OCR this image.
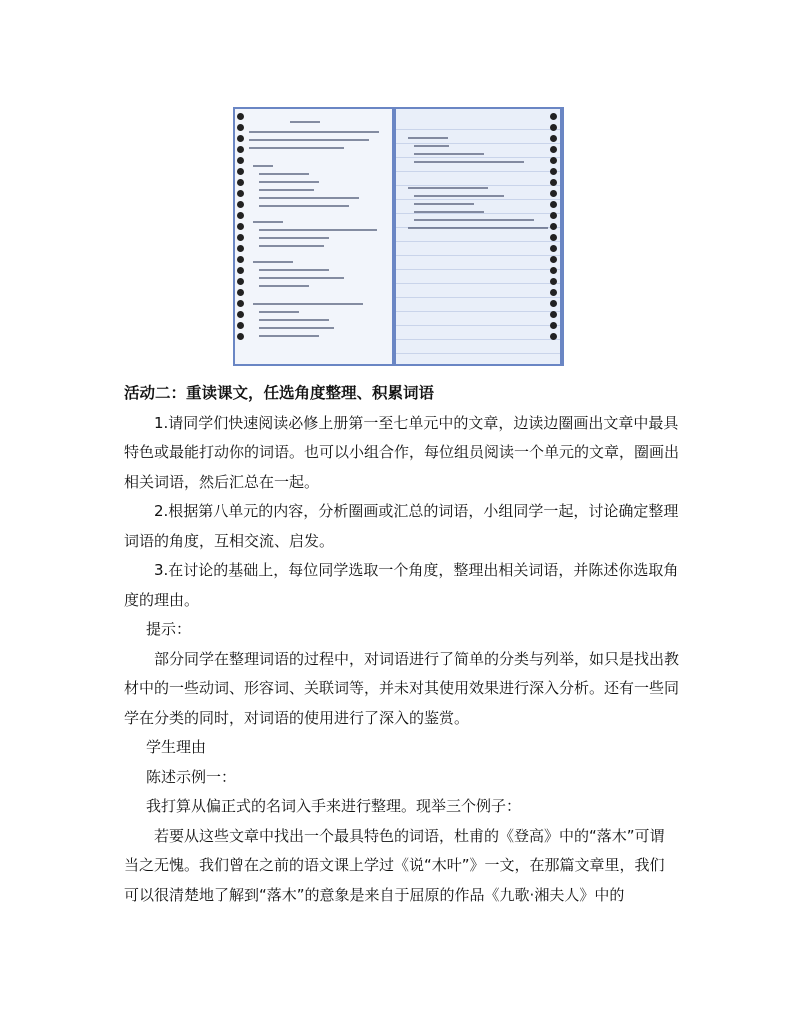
活动二：重读课文，任选角度整理、积累词语

1.请同学们快速阅读必修上册第一至七单元中的文章，边读边圈画出文章中最具特色或最能打动你的词语。也可以小组合作，每位组员阅读一个单元的文章，圈画出相关词语，然后汇总在一起。

2.根据第八单元的内容，分析圈画或汇总的词语，小组同学一起，讨论确定整理词语的角度，互相交流、启发。

3.在讨论的基础上，每位同学选取一个角度，整理出相关词语，并陈述你选取角度的理由。

提示：

部分同学在整理词语的过程中，对词语进行了简单的分类与列举，如只是找出教材中的一些动词、形容词、关联词等，并未对其使用效果进行深入分析。还有一些同学在分类的同时，对词语的使用进行了深入的鉴赏。

学生理由

陈述示例一：

我打算从偏正式的名词入手来进行整理。现举三个例子：

若要从这些文章中找出一个最具特色的词语，杜甫的《登高》中的“落木”可谓当之无愧。我们曾在之前的语文课上学过《说“木叶”》一文，在那篇文章里，我们可以很清楚地了解到“落木”的意象是来自于屈原的作品《九歌·湘夫人》中的
